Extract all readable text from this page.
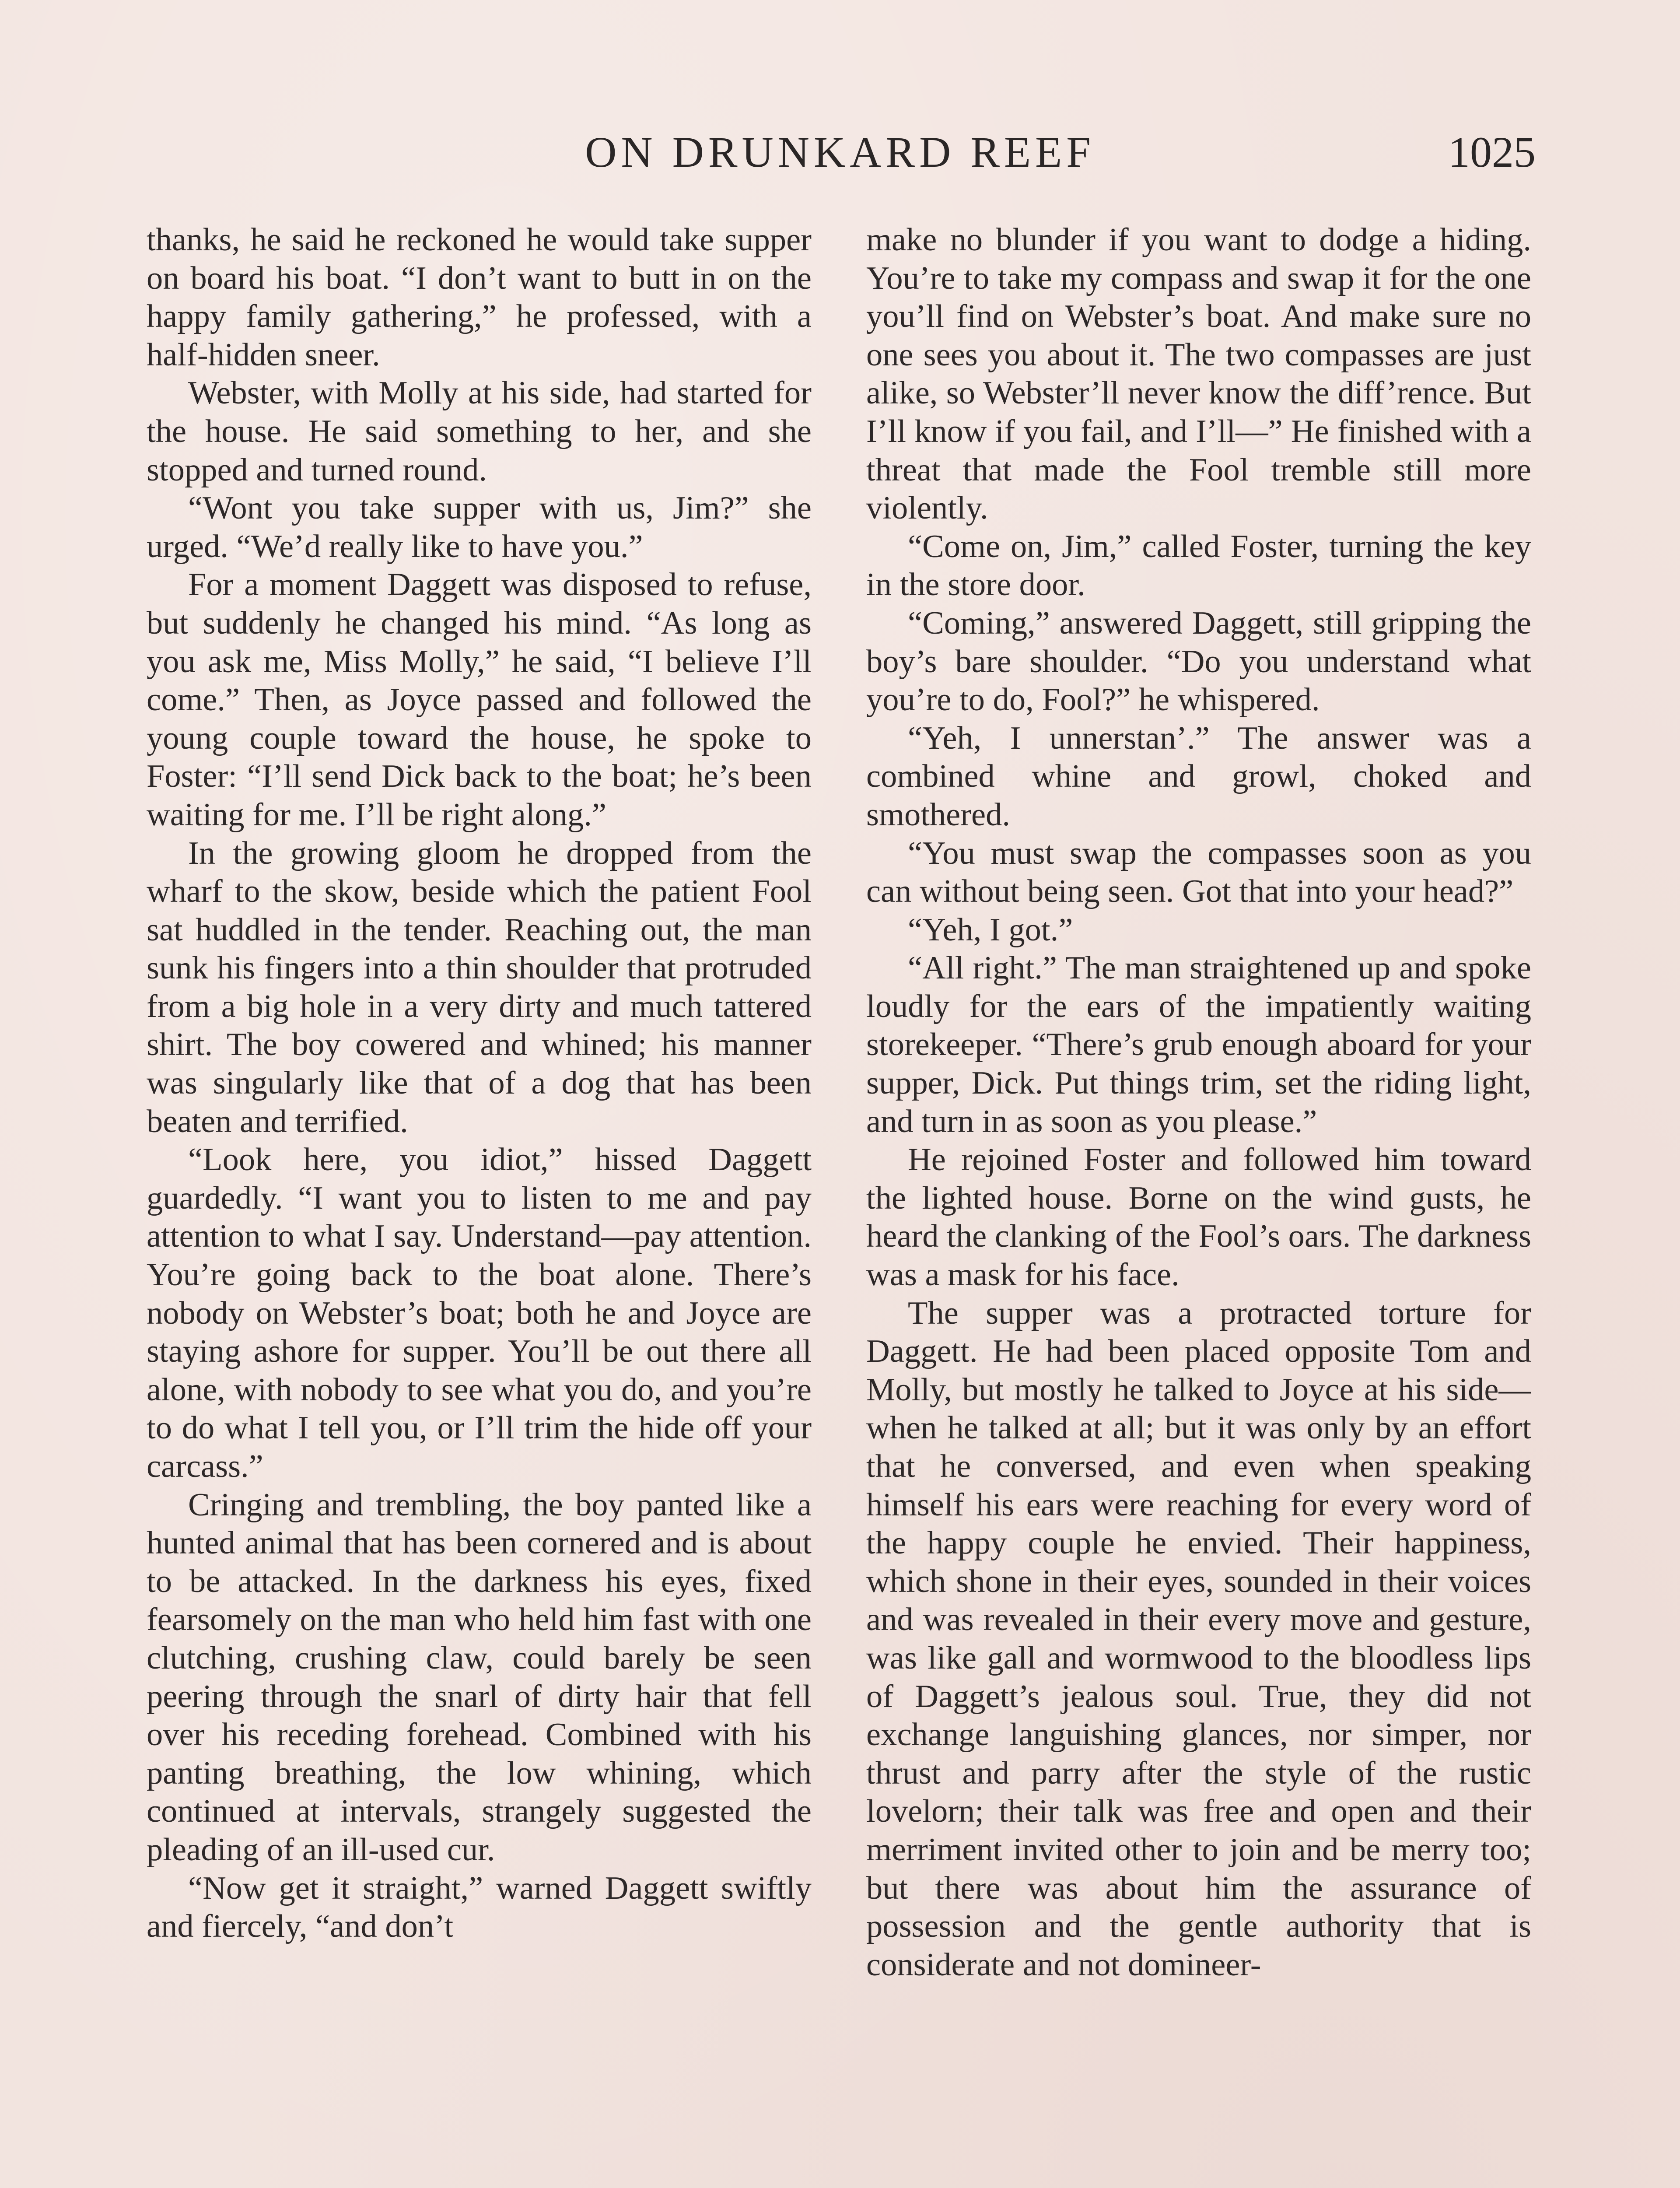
ON DRUNKARD REEF	1025

thanks, he said he reckoned he would take supper on board his boat. “I don’t want to butt in on the happy family gathering,” he professed, with a half-hidden sneer.

Webster, with Molly at his side, had started for the house. He said something to her, and she stopped and turned round.

“Wont you take supper with us, Jim?” she urged. “We’d really like to have you.”

For a moment Daggett was disposed to refuse, but suddenly he changed his mind. “As long as you ask me, Miss Molly,” he said, “I believe I’ll come.” Then, as Joyce passed and followed the young couple toward the house, he spoke to Foster: “I’ll send Dick back to the boat; he’s been waiting for me. I’ll be right along.”

In the growing gloom he dropped from the wharf to the skow, beside which the patient Fool sat huddled in the tender. Reaching out, the man sunk his fingers into a thin shoulder that protruded from a big hole in a very dirty and much tattered shirt. The boy cowered and whined; his manner was singularly like that of a dog that has been beaten and terrified.

“Look here, you idiot,” hissed Daggett guardedly. “I want you to listen to me and pay attention to what I say. Understand—pay attention. You’re going back to the boat alone. There’s nobody on Webster’s boat; both he and Joyce are staying ashore for supper. You’ll be out there all alone, with nobody to see what you do, and you’re to do what I tell you, or I’ll trim the hide off your carcass.”

Cringing and trembling, the boy panted like a hunted animal that has been cornered and is about to be attacked. In the darkness his eyes, fixed fearsomely on the man who held him fast with one clutching, crushing claw, could barely be seen peering through the snarl of dirty hair that fell over his receding forehead. Combined with his panting breathing, the low whining, which continued at intervals, strangely suggested the pleading of an ill-used cur.

“Now get it straight,” warned Daggett swiftly and fiercely, “and don’t

make no blunder if you want to dodge a hiding. You’re to take my compass and swap it for the one you’ll find on Webster’s boat. And make sure no one sees you about it. The two compasses are just alike, so Webster’ll never know the diff’rence. But I’ll know if you fail, and I’ll—” He finished with a threat that made the Fool tremble still more violently.

“Come on, Jim,” called Foster, turning the key in the store door.

“Coming,” answered Daggett, still gripping the boy’s bare shoulder. “Do you understand what you’re to do, Fool?” he whispered.

“Yeh, I unnerstan’.” The answer was a combined whine and growl, choked and smothered.

“You must swap the compasses soon as you can without being seen. Got that into your head?”

“Yeh, I got.”

“All right.” The man straightened up and spoke loudly for the ears of the impatiently waiting storekeeper. “There’s grub enough aboard for your supper, Dick. Put things trim, set the riding light, and turn in as soon as you please.”

He rejoined Foster and followed him toward the lighted house. Borne on the wind gusts, he heard the clanking of the Fool’s oars. The darkness was a mask for his face.

The supper was a protracted torture for Daggett. He had been placed opposite Tom and Molly, but mostly he talked to Joyce at his side—when he talked at all; but it was only by an effort that he conversed, and even when speaking himself his ears were reaching for every word of the happy couple he envied. Their happiness, which shone in their eyes, sounded in their voices and was revealed in their every move and gesture, was like gall and wormwood to the bloodless lips of Daggett’s jealous soul. True, they did not exchange languishing glances, nor simper, nor thrust and parry after the style of the rustic lovelorn; their talk was free and open and their merriment invited other to join and be merry too; but there was about him the assurance of possession and the gentle authority that is considerate and not domineer-
